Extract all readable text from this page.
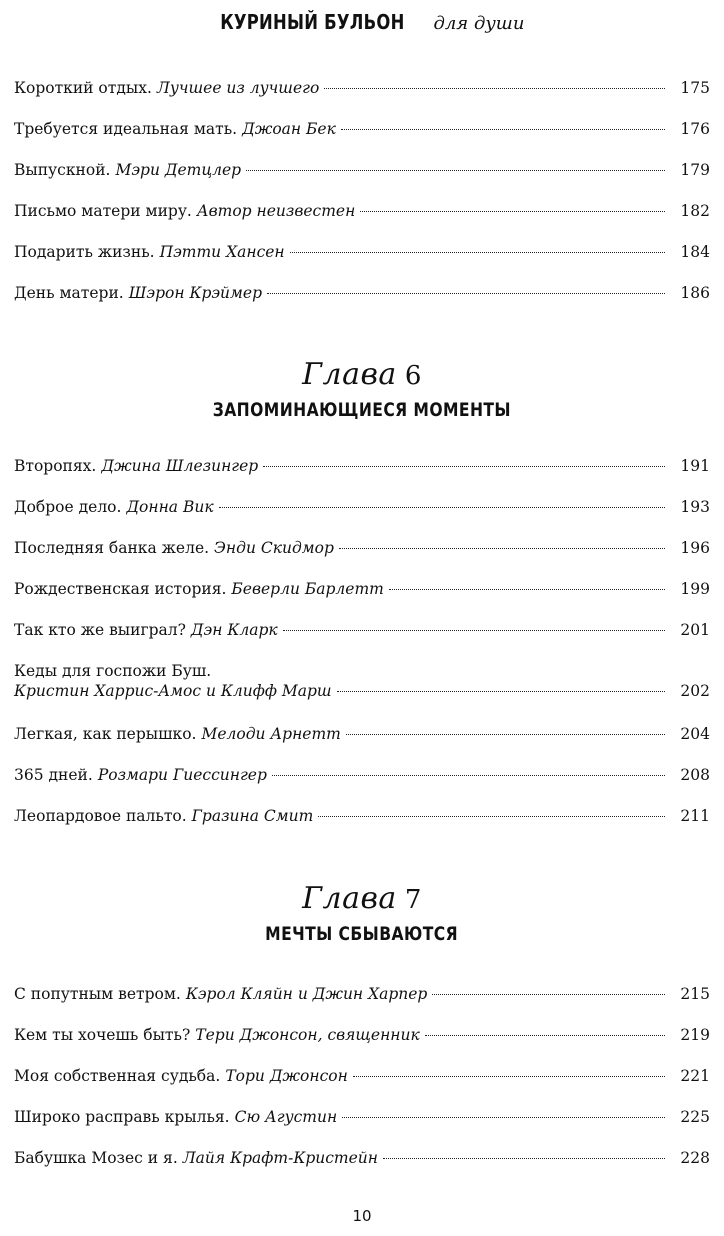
КУРИНЫЙ БУЛЬОН для души
Короткий отдых. Лучшее из лучшего	175
Требуется идеальная мать. Джоан Бек	176
Выпускной. Мэри Детцлер	179
Письмо матери миру. Автор неизвестен	182
Подарить жизнь. Пэтти Хансен	184
День матери. Шэрон Крэймер	186
Глава 6
ЗАПОМИНАЮЩИЕСЯ МОМЕНТЫ
Второпях. Джина Шлезингер	191
Доброе дело. Донна Вик	193
Последняя банка желе. Энди Скидмор	196
Рождественская история. Беверли Барлетт	199
Так кто же выиграл? Дэн Кларк	201
Кеды для госпожи Буш.
Кристин Харрис-Амос и Клифф Марш	202
Легкая, как перышко. Мелоди Арнетт	204
365 дней. Розмари Гиессингер	208
Леопардовое пальто. Гразина Смит	211
Глава 7
МЕЧТЫ СБЫВАЮТСЯ
С попутным ветром. Кэрол Кляйн и Джин Харпер	215
Кем ты хочешь быть? Тери Джонсон, священник	219
Моя собственная судьба. Тори Джонсон	221
Широко расправь крылья. Сю Агустин	225
Бабушка Мозес и я. Лайя Крафт-Кристейн	228
10
